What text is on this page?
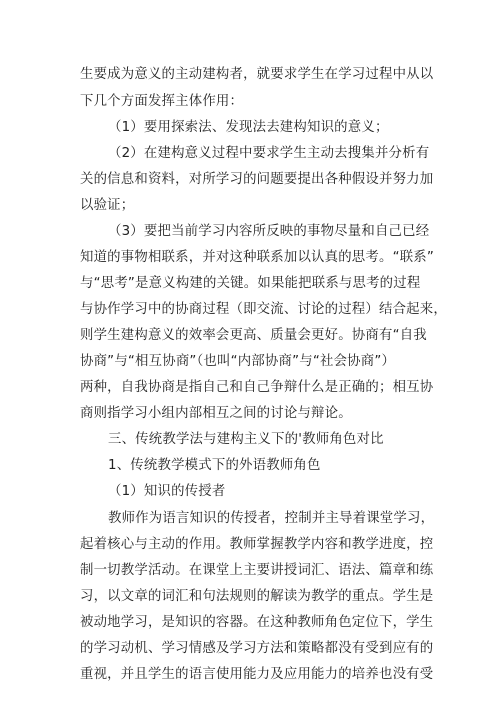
生要成为意义的主动建构者，就要求学生在学习过程中从以
下几个方面发挥主体作用：
（1）要用探索法、发现法去建构知识的意义；
（2）在建构意义过程中要求学生主动去搜集并分析有
关的信息和资料，对所学习的问题要提出各种假设并努力加
以验证；
（3）要把当前学习内容所反映的事物尽量和自己已经
知道的事物相联系，并对这种联系加以认真的思考。“联系”
与“思考”是意义构建的关键。如果能把联系与思考的过程
与协作学习中的协商过程（即交流、讨论的过程）结合起来，
则学生建构意义的效率会更高、质量会更好。协商有“自我
协商”与“相互协商”（也叫“内部协商”与“社会协商”）
两种，自我协商是指自己和自己争辩什么是正确的；相互协
商则指学习小组内部相互之间的讨论与辩论。
三、传统教学法与建构主义下的'教师角色对比
1、传统教学模式下的外语教师角色
（1）知识的传授者
教师作为语言知识的传授者，控制并主导着课堂学习，
起着核心与主动的作用。教师掌握教学内容和教学进度，控
制一切教学活动。在课堂上主要讲授词汇、语法、篇章和练
习，以文章的词汇和句法规则的解读为教学的重点。学生是
被动地学习，是知识的容器。在这种教师角色定位下，学生
的学习动机、学习情感及学习方法和策略都没有受到应有的
重视，并且学生的语言使用能力及应用能力的培养也没有受
